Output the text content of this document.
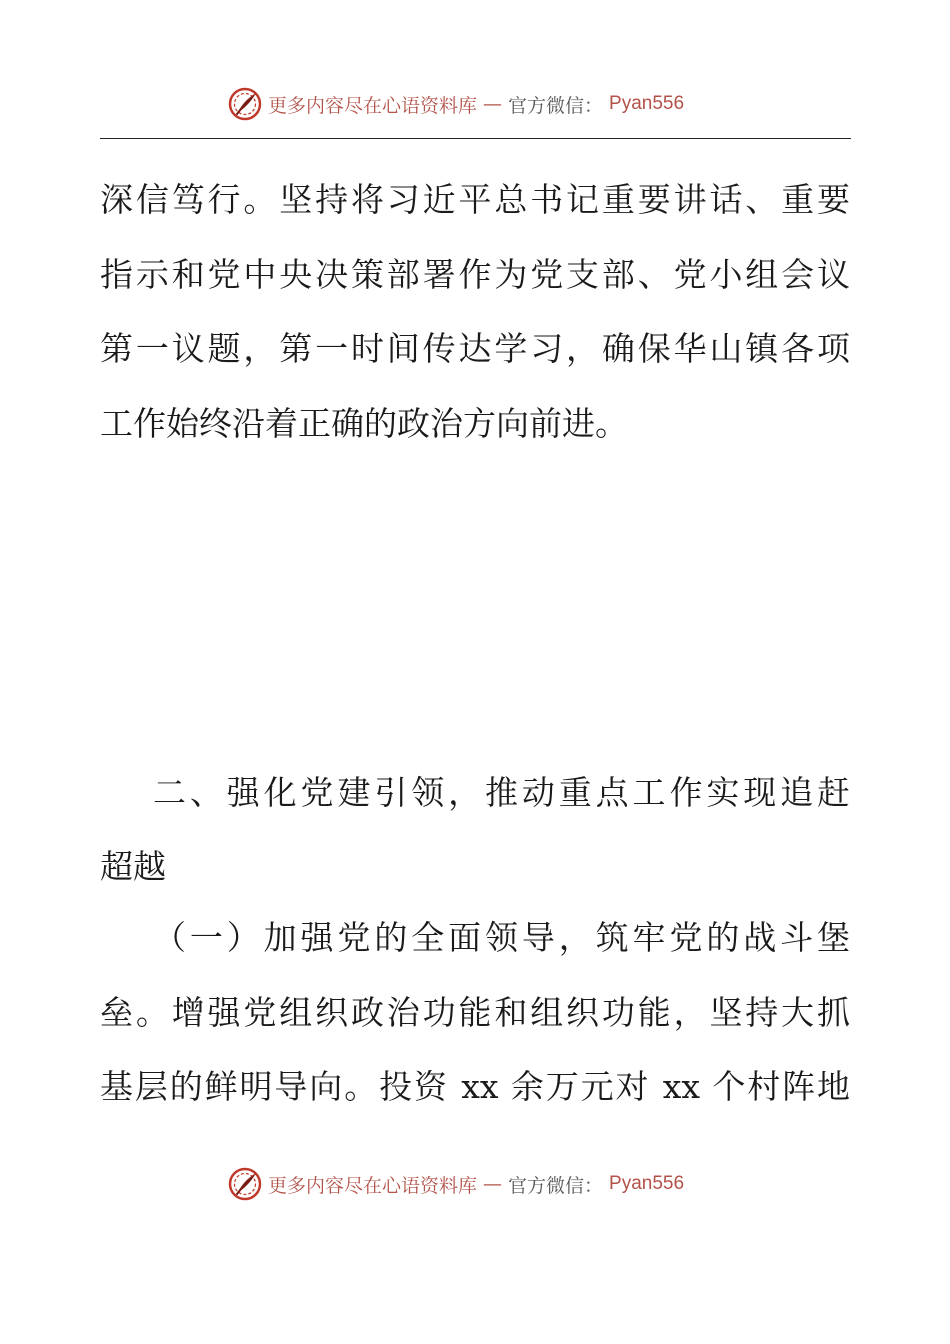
更多内容尽在心语资料库 — 官方微信： Pyan556
深信笃行。坚持将习近平总书记重要讲话、重要
指示和党中央决策部署作为党支部、党小组会议
第一议题，第一时间传达学习，确保华山镇各项
工作始终沿着正确的政治方向前进。
二、强化党建引领，推动重点工作实现追赶
超越
（一）加强党的全面领导，筑牢党的战斗堡
垒。增强党组织政治功能和组织功能，坚持大抓
基层的鲜明导向。投资 xx 余万元对 xx 个村阵地
更多内容尽在心语资料库 — 官方微信： Pyan556
